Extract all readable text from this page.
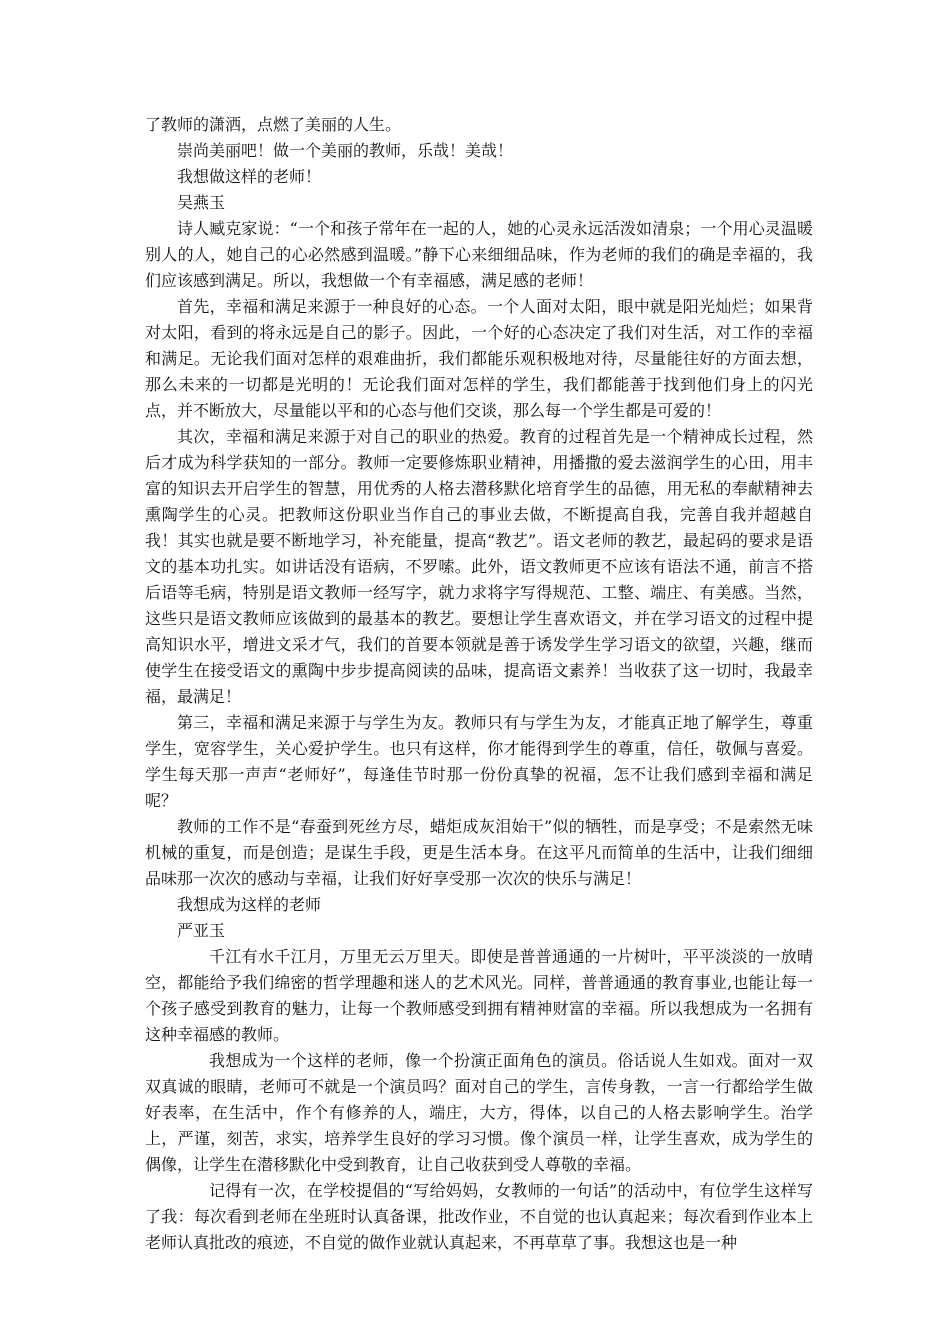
了教师的潇洒，点燃了美丽的人生。

崇尚美丽吧！做一个美丽的教师，乐哉！美哉！

我想做这样的老师！

吴燕玉

诗人臧克家说：“一个和孩子常年在一起的人，她的心灵永远活泼如清泉；一个用心灵温暖别人的人，她自己的心必然感到温暖。”静下心来细细品味，作为老师的我们的确是幸福的，我们应该感到满足。所以，我想做一个有幸福感，满足感的老师！

首先，幸福和满足来源于一种良好的心态。一个人面对太阳，眼中就是阳光灿烂；如果背对太阳，看到的将永远是自己的影子。因此，一个好的心态决定了我们对生活，对工作的幸福和满足。无论我们面对怎样的艰难曲折，我们都能乐观积极地对待，尽量能往好的方面去想，那么未来的一切都是光明的！无论我们面对怎样的学生，我们都能善于找到他们身上的闪光点，并不断放大，尽量能以平和的心态与他们交谈，那么每一个学生都是可爱的！

其次，幸福和满足来源于对自己的职业的热爱。教育的过程首先是一个精神成长过程，然后才成为科学获知的一部分。教师一定要修炼职业精神，用播撒的爱去滋润学生的心田，用丰富的知识去开启学生的智慧，用优秀的人格去潜移默化培育学生的品德，用无私的奉献精神去熏陶学生的心灵。把教师这份职业当作自己的事业去做，不断提高自我，完善自我并超越自我！其实也就是要不断地学习，补充能量，提高“教艺”。语文老师的教艺，最起码的要求是语文的基本功扎实。如讲话没有语病，不罗嗦。此外，语文教师更不应该有语法不通，前言不搭后语等毛病，特别是语文教师一经写字，就力求将字写得规范、工整、端庄、有美感。当然，这些只是语文教师应该做到的最基本的教艺。要想让学生喜欢语文，并在学习语文的过程中提高知识水平，增进文采才气，我们的首要本领就是善于诱发学生学习语文的欲望，兴趣，继而使学生在接受语文的熏陶中步步提高阅读的品味，提高语文素养！当收获了这一切时，我最幸福，最满足！

第三，幸福和满足来源于与学生为友。教师只有与学生为友，才能真正地了解学生，尊重学生，宽容学生，关心爱护学生。也只有这样，你才能得到学生的尊重，信任，敬佩与喜爱。学生每天那一声声“老师好”，每逢佳节时那一份份真挚的祝福，怎不让我们感到幸福和满足呢？

教师的工作不是“春蚕到死丝方尽，蜡炬成灰泪始干”似的牺牲，而是享受；不是索然无味机械的重复，而是创造；是谋生手段，更是生活本身。在这平凡而简单的生活中，让我们细细品味那一次次的感动与幸福，让我们好好享受那一次次的快乐与满足！

我想成为这样的老师

严亚玉

千江有水千江月，万里无云万里天。即使是普普通通的一片树叶，平平淡淡的一放晴空，都能给予我们绵密的哲学理趣和迷人的艺术风光。同样，普普通通的教育事业,也能让每一个孩子感受到教育的魅力，让每一个教师感受到拥有精神财富的幸福。所以我想成为一名拥有这种幸福感的教师。

我想成为一个这样的老师，像一个扮演正面角色的演员。俗话说人生如戏。面对一双双真诚的眼睛，老师可不就是一个演员吗？面对自己的学生，言传身教，一言一行都给学生做好表率，在生活中，作个有修养的人，端庄，大方，得体，以自己的人格去影响学生。治学上，严谨，刻苦，求实，培养学生良好的学习习惯。像个演员一样，让学生喜欢，成为学生的偶像，让学生在潜移默化中受到教育，让自己收获到受人尊敬的幸福。

记得有一次，在学校提倡的“写给妈妈，女教师的一句话”的活动中，有位学生这样写了我：每次看到老师在坐班时认真备课，批改作业，不自觉的也认真起来；每次看到作业本上老师认真批改的痕迹，不自觉的做作业就认真起来，不再草草了事。我想这也是一种
